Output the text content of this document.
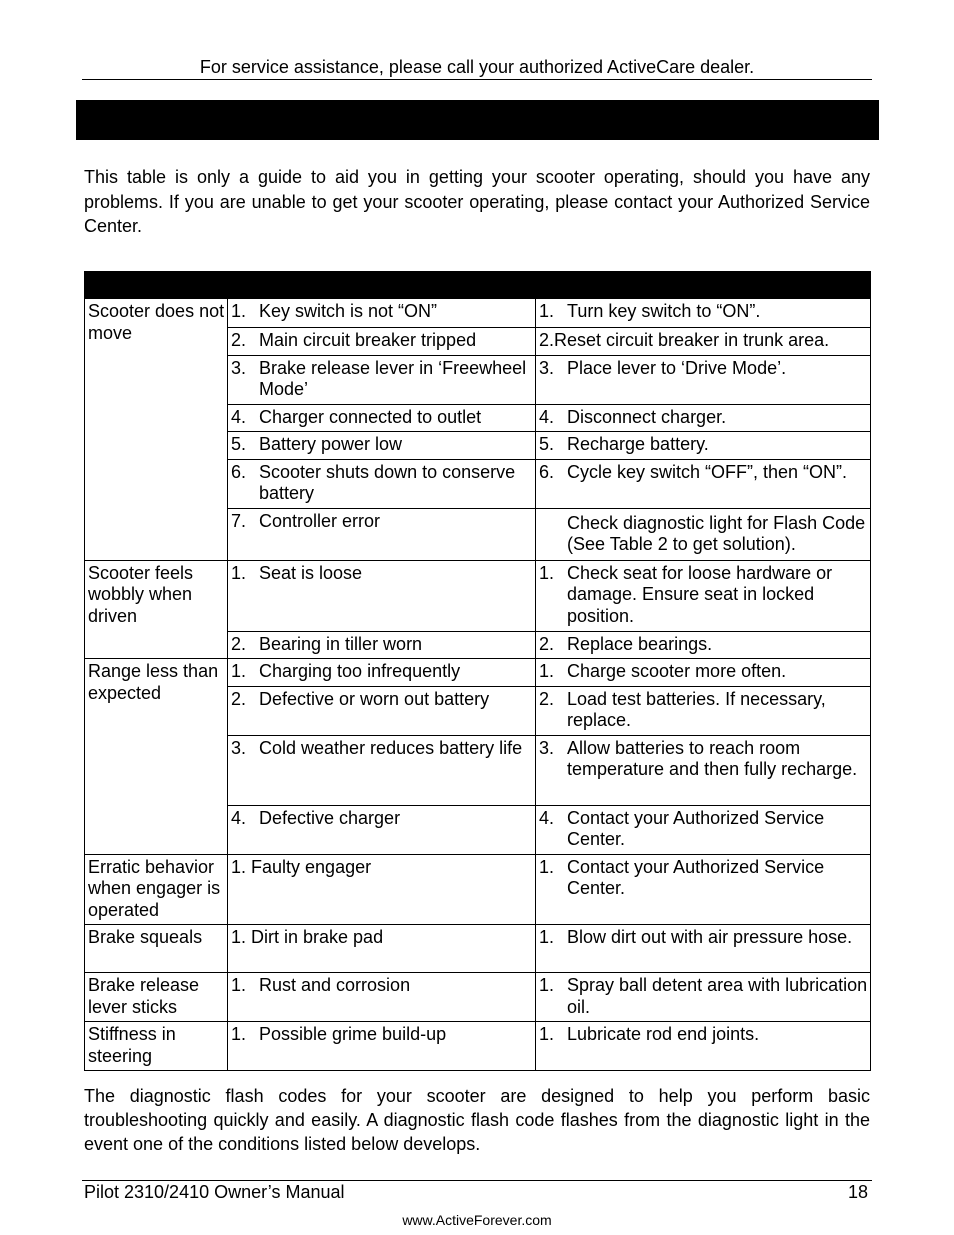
For service assistance, please call your authorized ActiveCare dealer.

This table is only a guide to aid you in getting your scooter operating, should you have any problems. If you are unable to get your scooter operating, please contact your Authorized Service Center.

Scooter does not move	1. Key switch is not “ON”	1. Turn key switch to “ON”.

	2. Main circuit breaker tripped	2.Reset circuit breaker in trunk area.

	3. Brake release lever in ‘Freewheel Mode’	3. Place lever to ‘Drive Mode’.

	4. Charger connected to outlet	4. Disconnect charger.

	5. Battery power low	5. Recharge battery.

	6. Scooter shuts down to conserve battery	6. Cycle key switch “OFF”, then “ON”.

	7. Controller error	Check diagnostic light for Flash Code (See Table 2 to get solution).

Scooter feels wobbly when driven	1. Seat is loose	1. Check seat for loose hardware or damage. Ensure seat in locked position.

	2. Bearing in tiller worn	2. Replace bearings.

Range less than expected	1. Charging too infrequently	1. Charge scooter more often.

	2. Defective or worn out battery	2. Load test batteries. If necessary, replace.

	3. Cold weather reduces battery life	3. Allow batteries to reach room temperature and then fully recharge.

	4. Defective charger	4. Contact your Authorized Service Center.

Erratic behavior when engager is operated	1. Faulty engager	1. Contact your Authorized Service Center.

Brake squeals	1. Dirt in brake pad	1. Blow dirt out with air pressure hose.

Brake release lever sticks	1. Rust and corrosion	1. Spray ball detent area with lubrication oil.

Stiffness in steering	1. Possible grime build-up	1. Lubricate rod end joints.

The diagnostic flash codes for your scooter are designed to help you perform basic troubleshooting quickly and easily. A diagnostic flash code flashes from the diagnostic light in the event one of the conditions listed below develops.

Pilot 2310/2410 Owner’s Manual	18
www.ActiveForever.com
